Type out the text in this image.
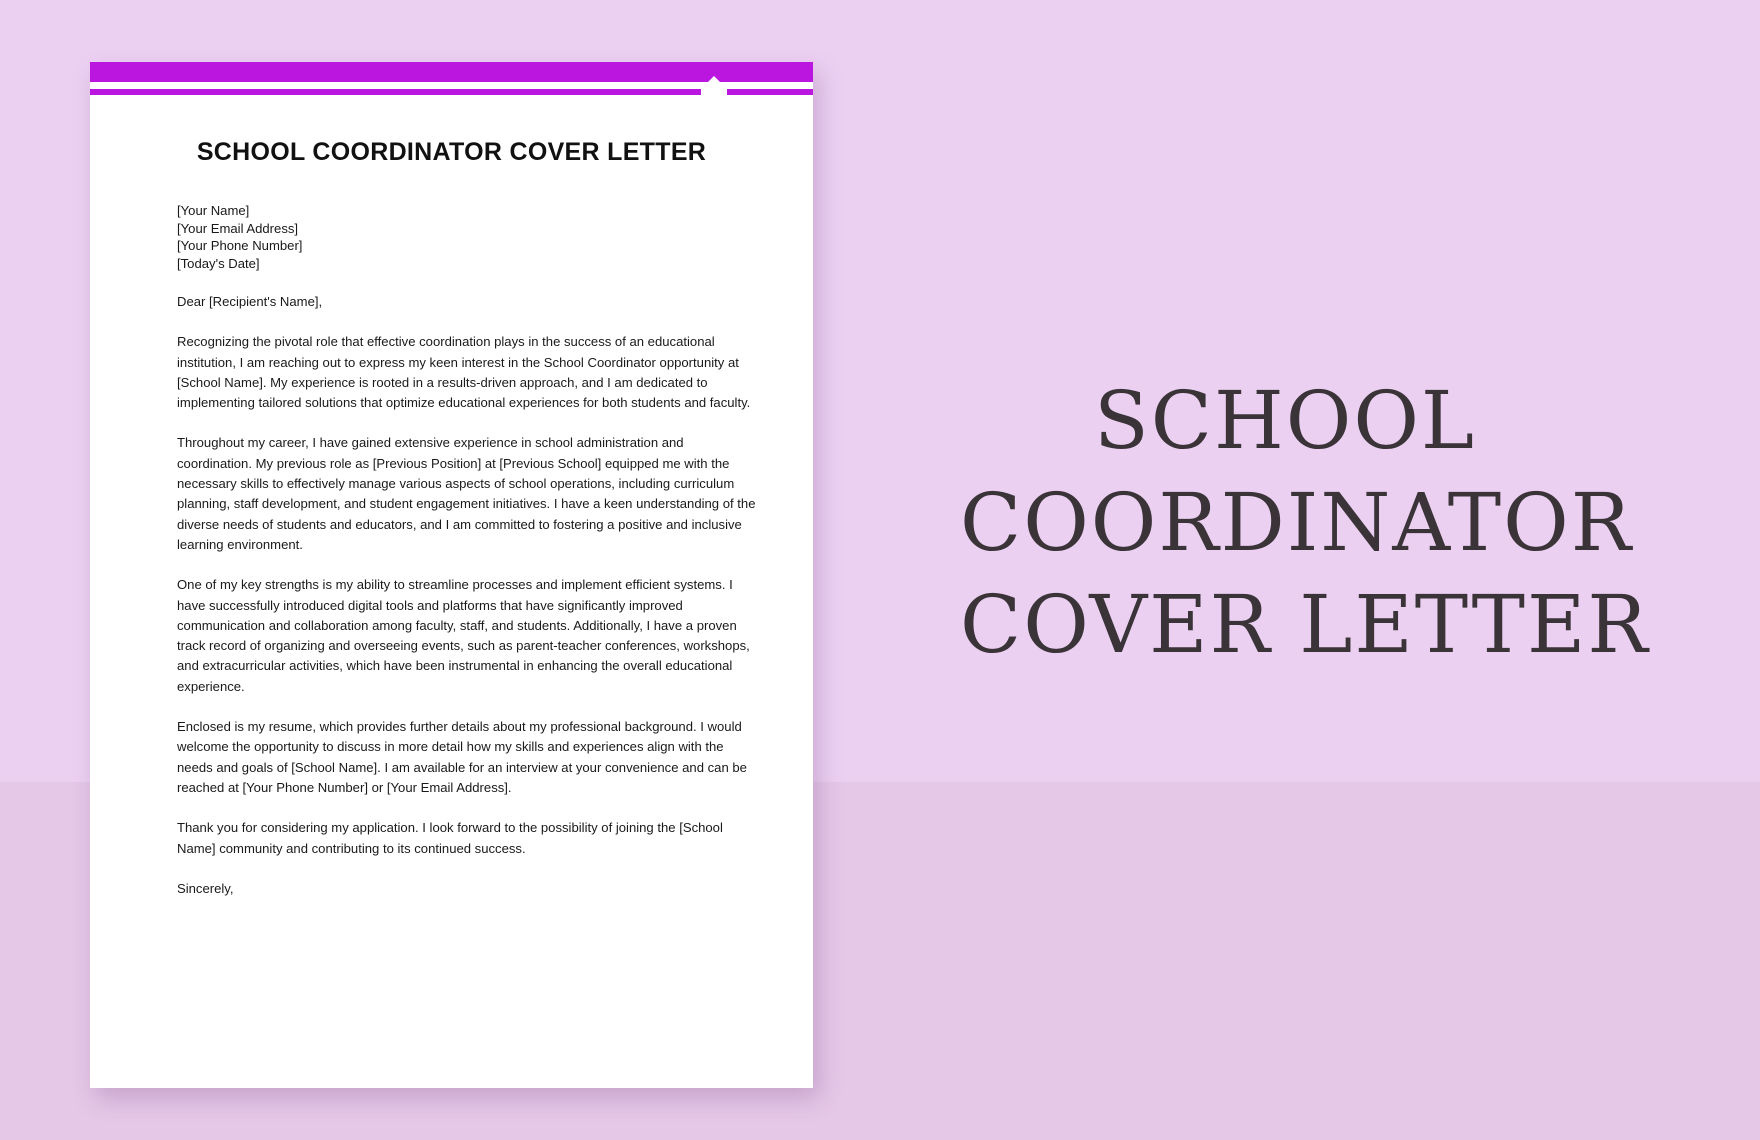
SCHOOL COORDINATOR COVER LETTER
[Your Name]
[Your Email Address]
[Your Phone Number]
[Today's Date]

Dear [Recipient's Name],

Recognizing the pivotal role that effective coordination plays in the success of an educational institution, I am reaching out to express my keen interest in the School Coordinator opportunity at [School Name]. My experience is rooted in a results-driven approach, and I am dedicated to implementing tailored solutions that optimize educational experiences for both students and faculty.

Throughout my career, I have gained extensive experience in school administration and coordination. My previous role as [Previous Position] at [Previous School] equipped me with the necessary skills to effectively manage various aspects of school operations, including curriculum planning, staff development, and student engagement initiatives. I have a keen understanding of the diverse needs of students and educators, and I am committed to fostering a positive and inclusive learning environment.

One of my key strengths is my ability to streamline processes and implement efficient systems. I have successfully introduced digital tools and platforms that have significantly improved communication and collaboration among faculty, staff, and students. Additionally, I have a proven track record of organizing and overseeing events, such as parent-teacher conferences, workshops, and extracurricular activities, which have been instrumental in enhancing the overall educational experience.

Enclosed is my resume, which provides further details about my professional background. I would welcome the opportunity to discuss in more detail how my skills and experiences align with the needs and goals of [School Name]. I am available for an interview at your convenience and can be reached at [Your Phone Number] or [Your Email Address].

Thank you for considering my application. I look forward to the possibility of joining the [School Name] community and contributing to its continued success.

Sincerely,

SCHOOL
COORDINATOR
COVER LETTER
